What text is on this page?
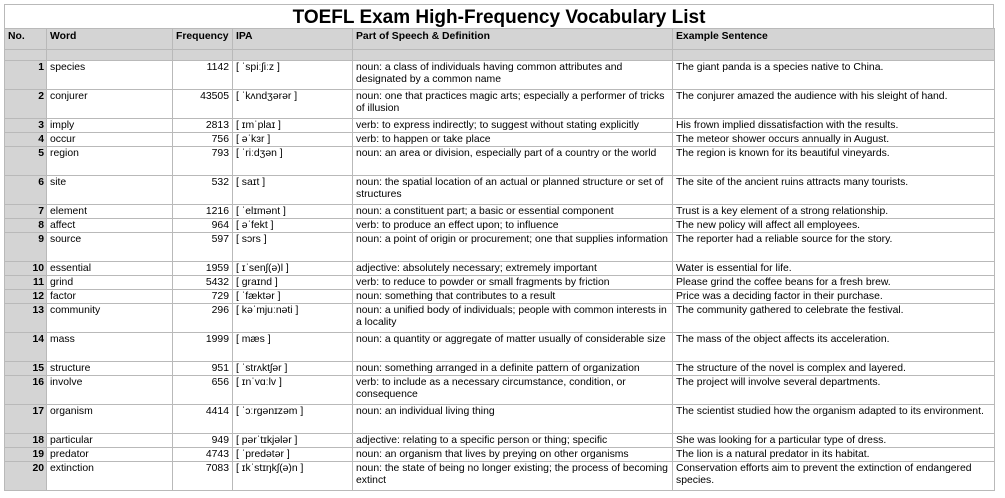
TOEFL Exam High-Frequency Vocabulary List
No.	Word	Frequency	IPA	Part of Speech & Definition	Example Sentence

1	species	1142	[ ˈspiːʃiːz ]	noun: a class of individuals having common attributes and designated by a common name	The giant panda is a species native to China.
2	conjurer	43505	[ ˈkʌndʒərər ]	noun: one that practices magic arts; especially a performer of tricks of illusion	The conjurer amazed the audience with his sleight of hand.
3	imply	2813	[ ɪmˈplaɪ ]	verb: to express indirectly; to suggest without stating explicitly	His frown implied dissatisfaction with the results.
4	occur	756	[ əˈkɜr ]	verb: to happen or take place	The meteor shower occurs annually in August.
5	region	793	[ ˈriːdʒən ]	noun: an area or division, especially part of a country or the world	The region is known for its beautiful vineyards.
6	site	532	[ saɪt ]	noun: the spatial location of an actual or planned structure or set of structures	The site of the ancient ruins attracts many tourists.
7	element	1216	[ ˈelɪmənt ]	noun: a constituent part; a basic or essential component	Trust is a key element of a strong relationship.
8	affect	964	[ əˈfekt ]	verb: to produce an effect upon; to influence	The new policy will affect all employees.
9	source	597	[ sɔrs ]	noun: a point of origin or procurement; one that supplies information	The reporter had a reliable source for the story.
10	essential	1959	[ ɪˈsenʃ(ə)l ]	adjective: absolutely necessary; extremely important	Water is essential for life.
11	grind	5432	[ graɪnd ]	verb: to reduce to powder or small fragments by friction	Please grind the coffee beans for a fresh brew.
12	factor	729	[ ˈfæktər ]	noun: something that contributes to a result	Price was a deciding factor in their purchase.
13	community	296	[ kəˈmjuːnəti ]	noun: a unified body of individuals; people with common interests in a locality	The community gathered to celebrate the festival.
14	mass	1999	[ mæs ]	noun: a quantity or aggregate of matter usually of considerable size	The mass of the object affects its acceleration.
15	structure	951	[ ˈstrʌktʃər ]	noun: something arranged in a definite pattern of organization	The structure of the novel is complex and layered.
16	involve	656	[ ɪnˈvɑːlv ]	verb: to include as a necessary circumstance, condition, or consequence	The project will involve several departments.
17	organism	4414	[ ˈɔːrɡənɪzəm ]	noun: an individual living thing	The scientist studied how the organism adapted to its environment.
18	particular	949	[ pərˈtɪkjələr ]	adjective: relating to a specific person or thing; specific	She was looking for a particular type of dress.
19	predator	4743	[ ˈpredətər ]	noun: an organism that lives by preying on other organisms	The lion is a natural predator in its habitat.
20	extinction	7083	[ ɪkˈstɪŋkʃ(ə)n ]	noun: the state of being no longer existing; the process of becoming extinct	Conservation efforts aim to prevent the extinction of endangered species.
